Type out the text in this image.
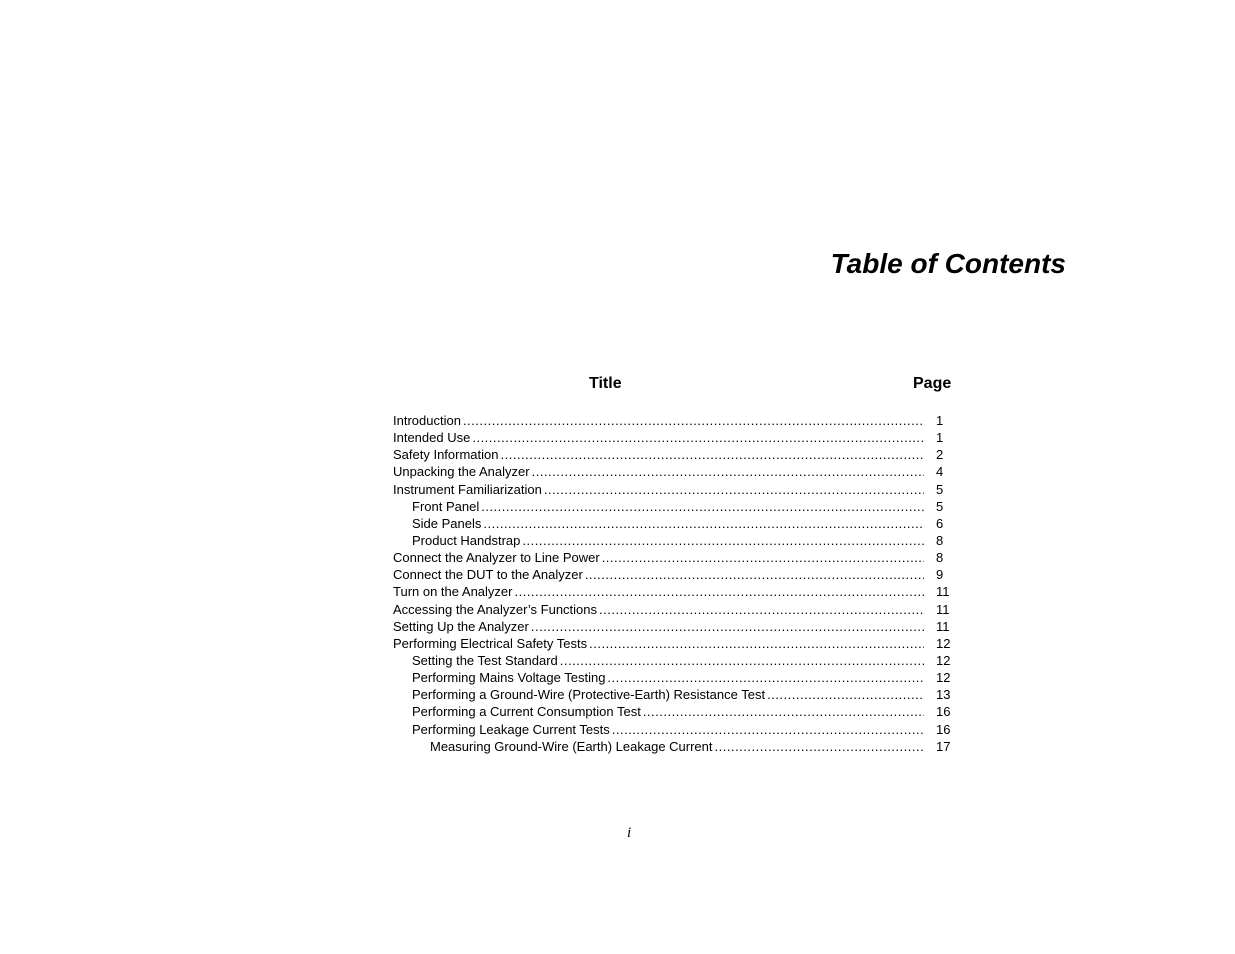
Table of Contents
Title	Page
Introduction .....	1
Intended Use .....	1
Safety Information .....	2
Unpacking the Analyzer .....	4
Instrument Familiarization .....	5
Front Panel .....	5
Side Panels .....	6
Product Handstrap .....	8
Connect the Analyzer to Line Power .....	8
Connect the DUT to the Analyzer .....	9
Turn on the Analyzer .....	11
Accessing the Analyzer’s Functions .....	11
Setting Up the Analyzer .....	11
Performing Electrical Safety Tests .....	12
Setting the Test Standard .....	12
Performing Mains Voltage Testing .....	12
Performing a Ground-Wire (Protective-Earth) Resistance Test .....	13
Performing a Current Consumption Test .....	16
Performing Leakage Current Tests .....	16
Measuring Ground-Wire (Earth) Leakage Current .....	17
i
